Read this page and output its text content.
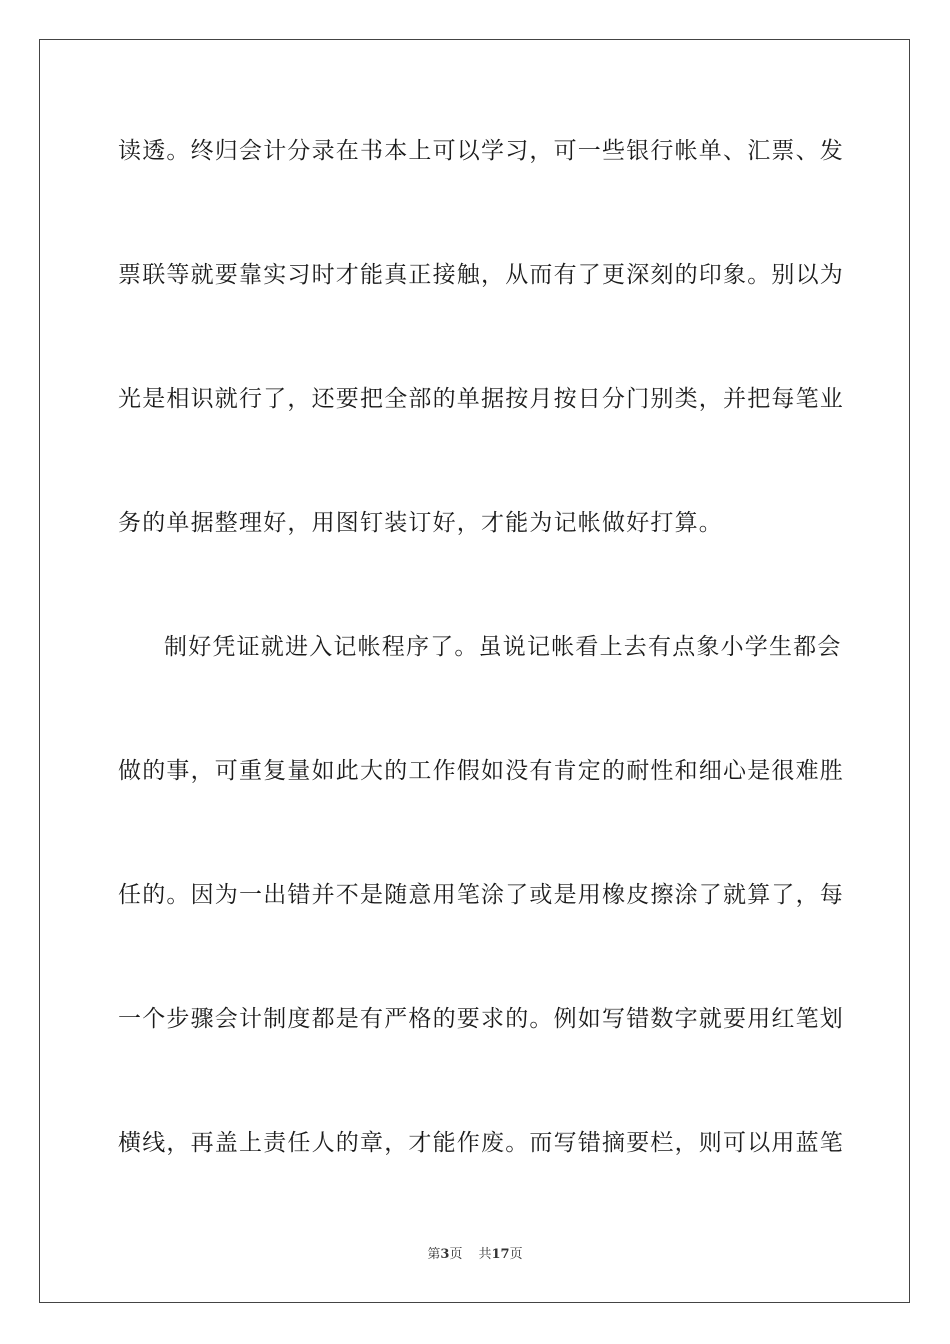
读透。终归会计分录在书本上可以学习，可一些银行帐单、汇票、发
票联等就要靠实习时才能真正接触，从而有了更深刻的印象。别以为
光是相识就行了，还要把全部的单据按月按日分门别类，并把每笔业
务的单据整理好，用图钉装订好，才能为记帐做好打算。
制好凭证就进入记帐程序了。虽说记帐看上去有点象小学生都会
做的事，可重复量如此大的工作假如没有肯定的耐性和细心是很难胜
任的。因为一出错并不是随意用笔涂了或是用橡皮擦涂了就算了，每
一个步骤会计制度都是有严格的要求的。例如写错数字就要用红笔划
横线，再盖上责任人的章，才能作废。而写错摘要栏，则可以用蓝笔
第3页 共17页
